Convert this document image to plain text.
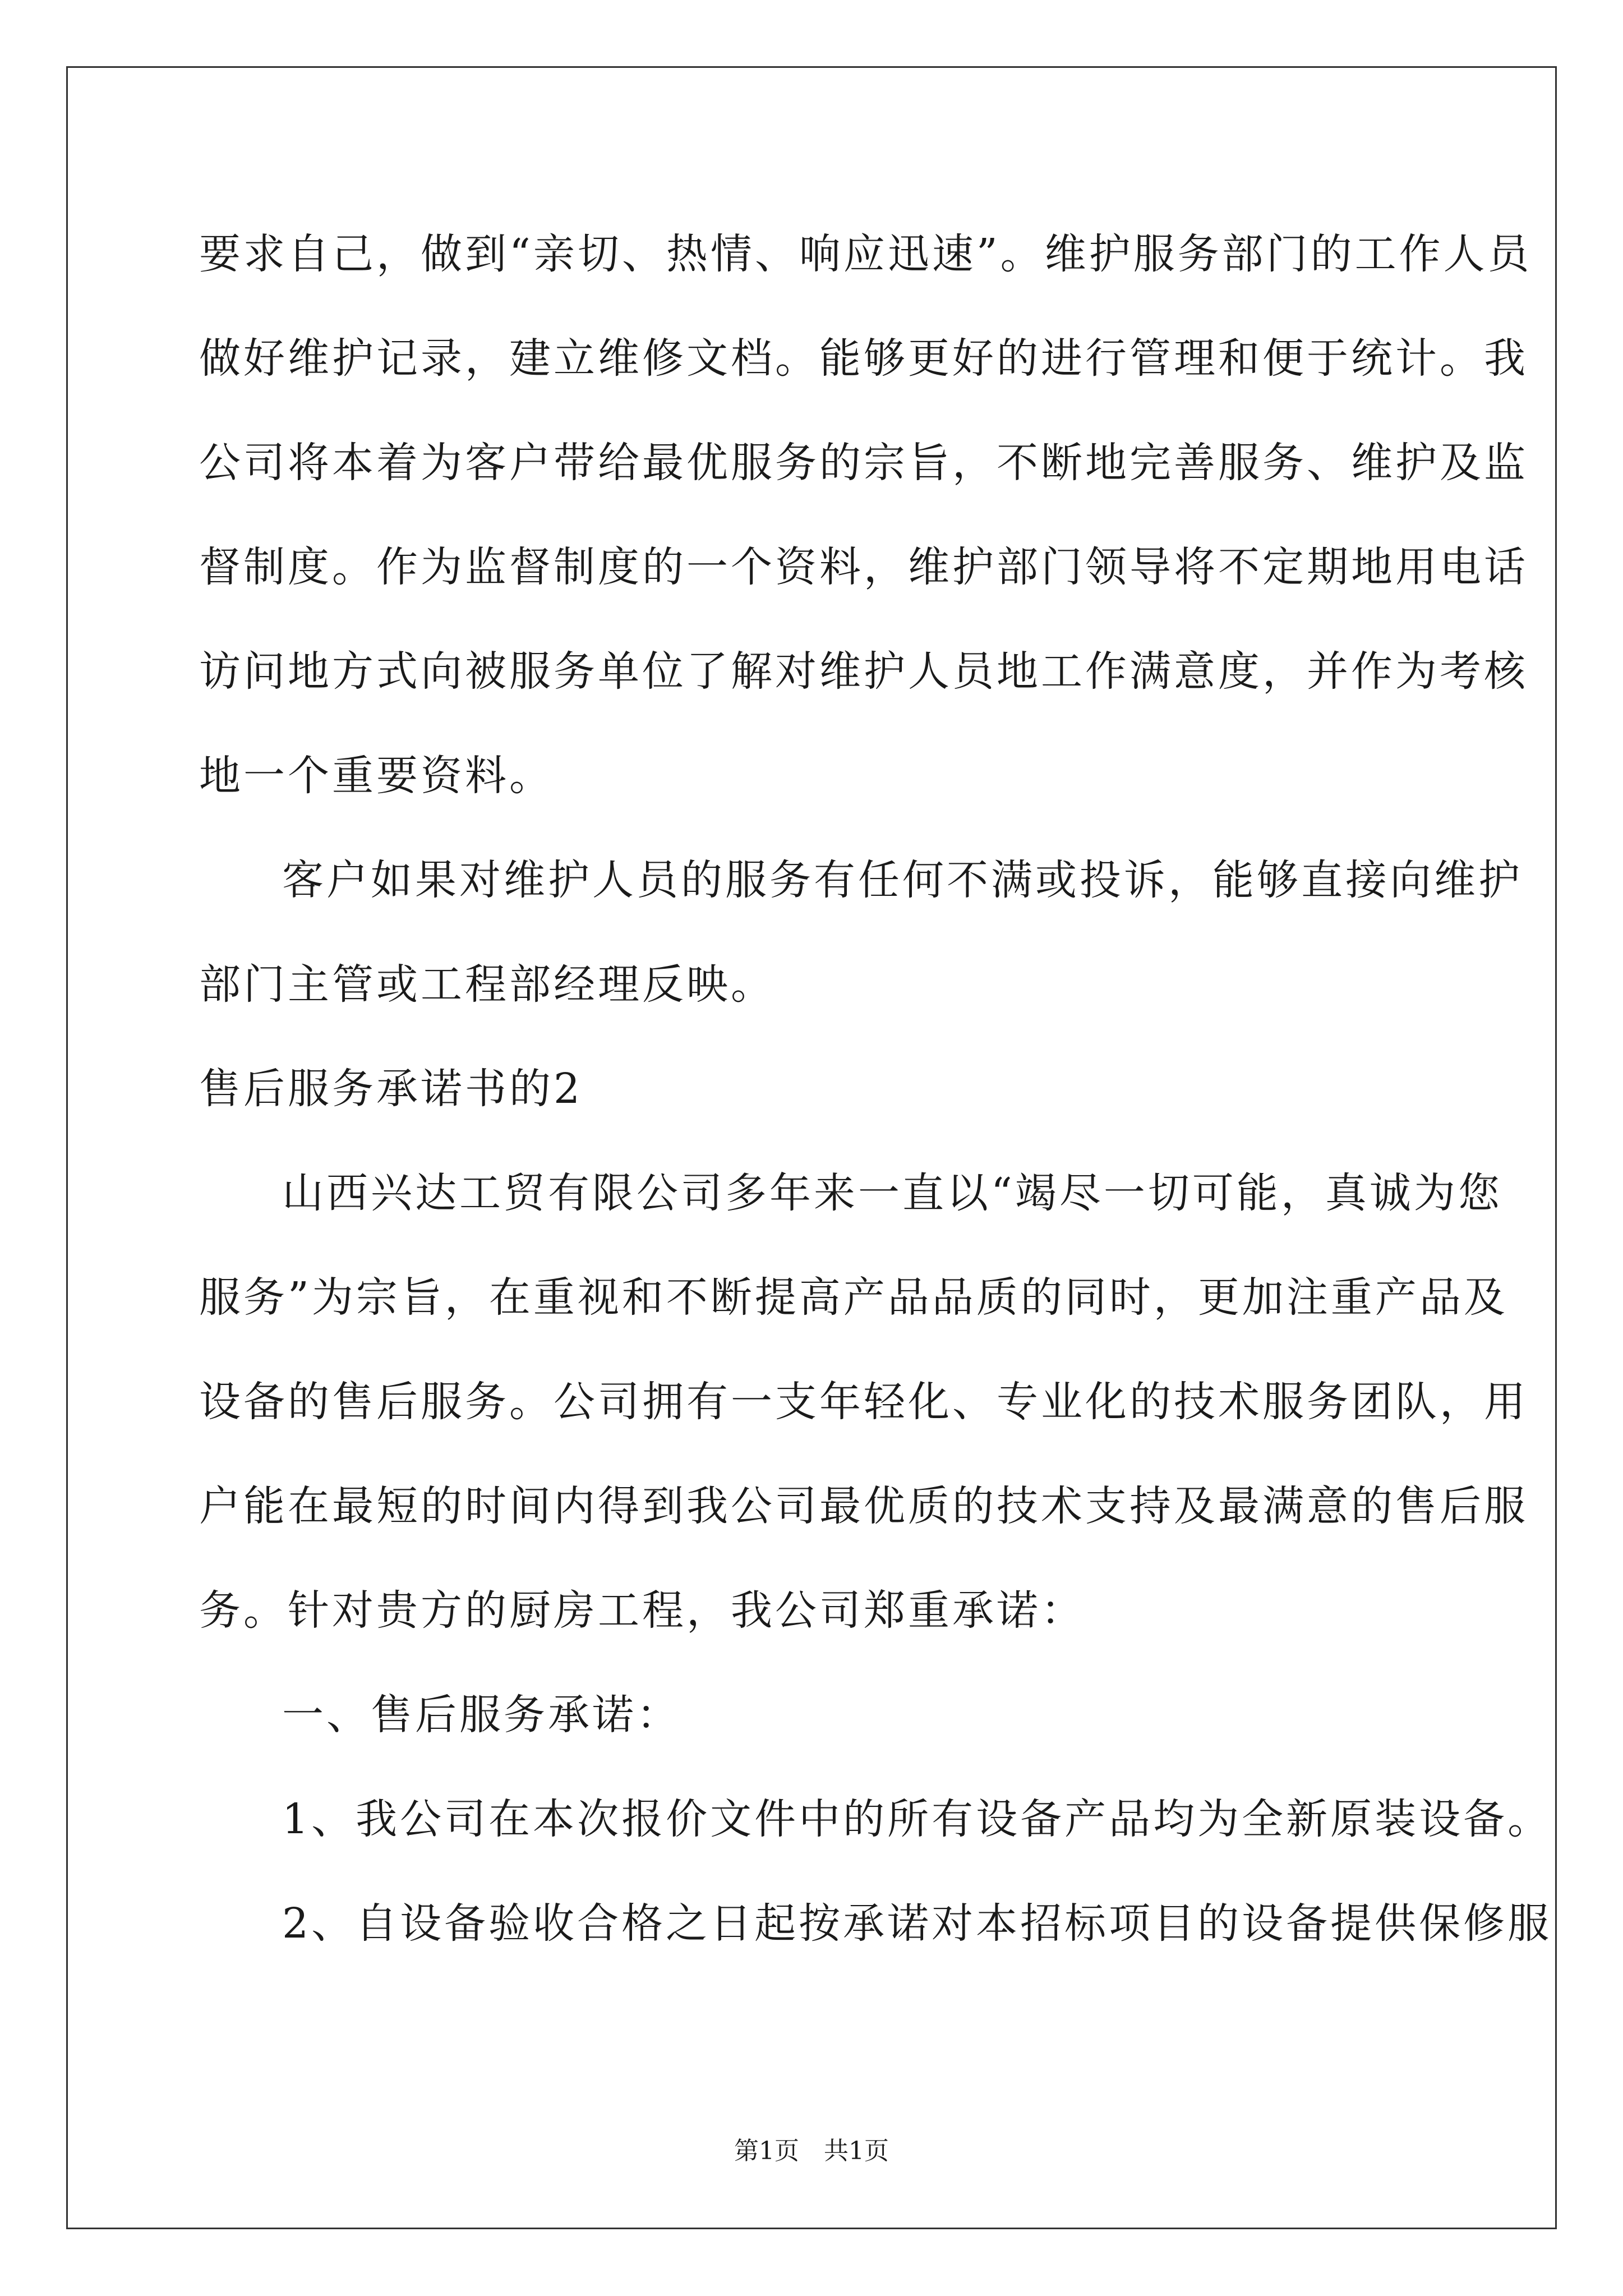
要求自己，做到“亲切、热情、响应迅速”。维护服务部门的工作人员
做好维护记录，建立维修文档。能够更好的进行管理和便于统计。我
公司将本着为客户带给最优服务的宗旨，不断地完善服务、维护及监
督制度。作为监督制度的一个资料，维护部门领导将不定期地用电话
访问地方式向被服务单位了解对维护人员地工作满意度，并作为考核
地一个重要资料。
客户如果对维护人员的服务有任何不满或投诉，能够直接向维护
部门主管或工程部经理反映。
售后服务承诺书的2
山西兴达工贸有限公司多年来一直以“竭尽一切可能，真诚为您
服务”为宗旨，在重视和不断提高产品品质的同时，更加注重产品及
设备的售后服务。公司拥有一支年轻化、专业化的技术服务团队，用
户能在最短的时间内得到我公司最优质的技术支持及最满意的售后服
务。针对贵方的厨房工程，我公司郑重承诺：
一、售后服务承诺：
1、我公司在本次报价文件中的所有设备产品均为全新原装设备。
2、自设备验收合格之日起按承诺对本招标项目的设备提供保修服
第1页 共1页
